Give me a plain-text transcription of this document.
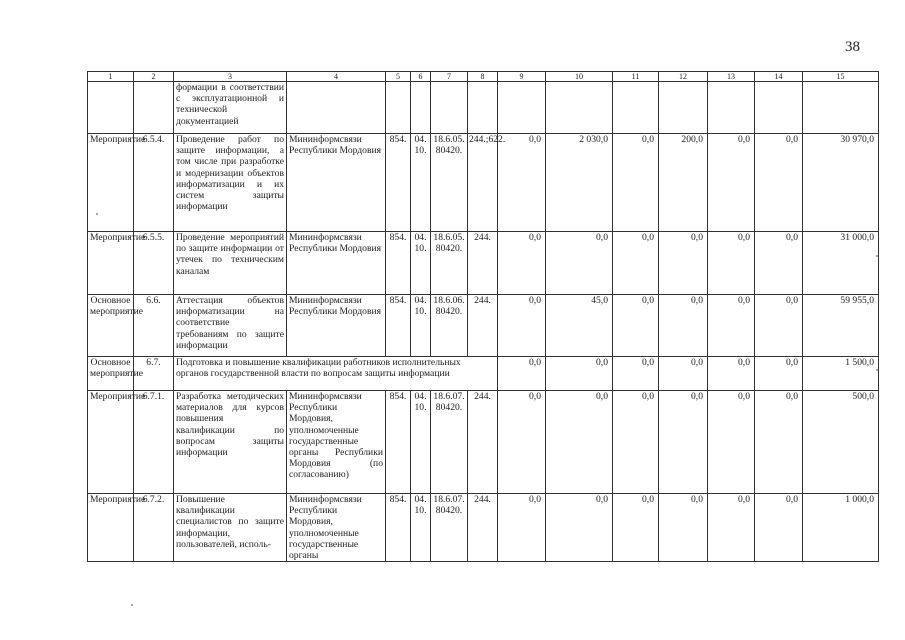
38
1	2	3	4	5	6	7	8	9	10	11	12	13	14	15
		формации в соответствии с эксплуатационной и технической документацией												
Мероприятие	6.5.4.	Проведение работ по защите информации, а том числе при разработке и модернизации объектов информатизации и их систем защиты информации	Мининформсвязи Республики Мордовия	854.	04. 10.	18.6.05. 80420.	244.;622.	0,0	2 030,0	0,0	200,0	0,0	0,0	30 970,0
Мероприятие	6.5.5.	Проведение мероприятий по защите информации от утечек по техническим каналам	Мининформсвязи Республики Мордовия	854.	04. 10.	18.6.05. 80420.	244.	0,0	0,0	0,0	0,0	0,0	0,0	31 000,0
Основное мероприятие	6.6.	Аттестация объектов информатизации на соответствие требованиям по защите информации	Мининформсвязи Республики Мордовия	854.	04. 10.	18.6.06. 80420.	244.	0,0	45,0	0,0	0,0	0,0	0,0	59 955,0
Основное мероприятие	6.7.	Подготовка и повышение квалификации работников исполнительных органов государственной власти по вопросам защиты информации						0,0	0,0	0,0	0,0	0,0	0,0	1 500,0
Мероприятие	6.7.1.	Разработка методических материалов для курсов повышения квалификации по вопросам защиты информации	Мининформсвязи Республики Мордовия, уполномоченные государственные органы Республики Мордовия (по согласованию)	854.	04. 10.	18.6.07. 80420.	244.	0,0	0,0	0,0	0,0	0,0	0,0	500,0
Мероприятие	6.7.2.	Повышение квалификации специалистов по защите информации, пользователей, исполь-	Мининформсвязи Республики Мордовия, уполномоченные государственные органы	854.	04. 10.	18.6.07. 80420.	244.	0,0	0,0	0,0	0,0	0,0	0,0	1 000,0
